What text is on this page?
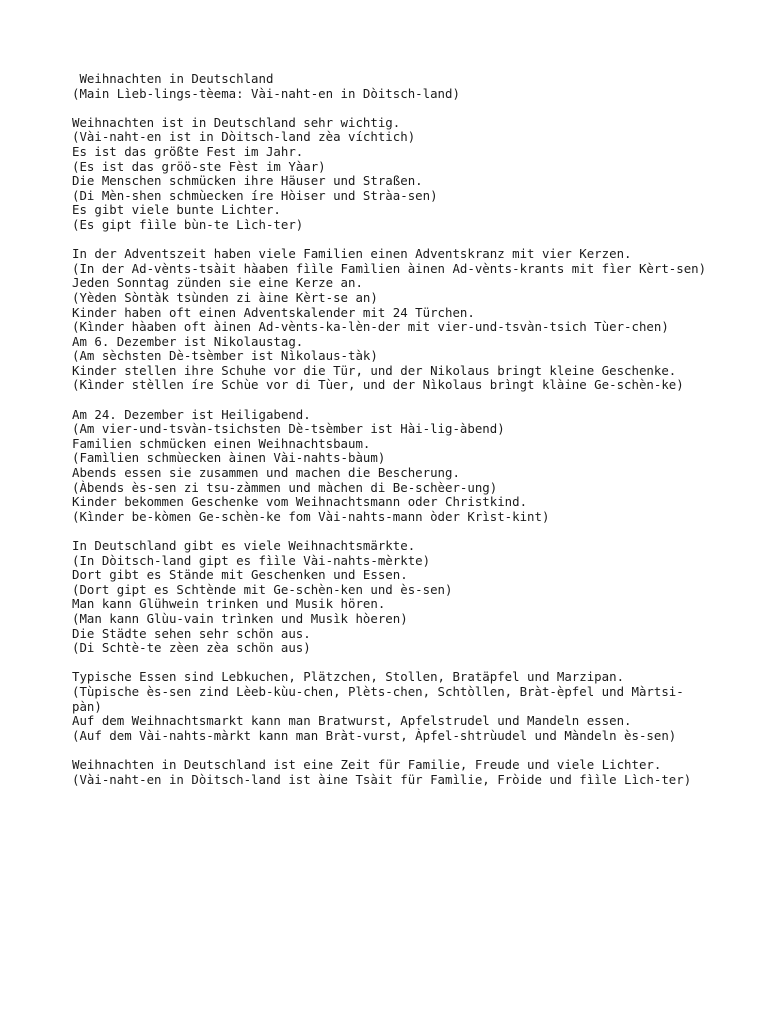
Weihnachten in Deutschland
(Main Lìeb-lings-tèema: Vài-naht-en in Dòitsch-land)
Weihnachten ist in Deutschland sehr wichtig.
(Vài-naht-en ist in Dòitsch-land zèa víchtich)
Es ist das größte Fest im Jahr.
(Es ist das gröö-ste Fèst im Yàar)
Die Menschen schmücken ihre Häuser und Straßen.
(Di Mèn-shen schmùecken íre Hòiser und Stràa-sen)
Es gibt viele bunte Lichter.
(Es gipt fììle bùn-te Lìch-ter)
In der Adventszeit haben viele Familien einen Adventskranz mit vier Kerzen.
(In der Ad-vènts-tsàit hàaben fììle Famìlien àinen Ad-vènts-krants mit fìer Kèrt-sen)
Jeden Sonntag zünden sie eine Kerze an.
(Yèden Sòntàk tsùnden zi àine Kèrt-se an)
Kinder haben oft einen Adventskalender mit 24 Türchen.
(Kìnder hàaben oft àinen Ad-vènts-ka-lèn-der mit vier-und-tsvàn-tsich Tùer-chen)
Am 6. Dezember ist Nikolaustag.
(Am sèchsten Dè-tsèmber ist Nìkolaus-tàk)
Kinder stellen ihre Schuhe vor die Tür, und der Nikolaus bringt kleine Geschenke.
(Kìnder stèllen íre Schùe vor di Tùer, und der Nìkolaus brìngt klàine Ge-schèn-ke)
Am 24. Dezember ist Heiligabend.
(Am vier-und-tsvàn-tsichsten Dè-tsèmber ist Hài-lig-àbend)
Familien schmücken einen Weihnachtsbaum.
(Famìlien schmùecken àinen Vài-nahts-bàum)
Abends essen sie zusammen und machen die Bescherung.
(Àbends ès-sen zi tsu-zàmmen und màchen di Be-schèer-ung)
Kinder bekommen Geschenke vom Weihnachtsmann oder Christkind.
(Kìnder be-kòmen Ge-schèn-ke fom Vài-nahts-mann òder Krìst-kint)
In Deutschland gibt es viele Weihnachtsmärkte.
(In Dòitsch-land gipt es fììle Vài-nahts-mèrkte)
Dort gibt es Stände mit Geschenken und Essen.
(Dort gipt es Schtènde mit Ge-schèn-ken und ès-sen)
Man kann Glühwein trinken und Musik hören.
(Man kann Glùu-vain trìnken und Musìk hòeren)
Die Städte sehen sehr schön aus.
(Di Schtè-te zèen zèa schön aus)
Typische Essen sind Lebkuchen, Plätzchen, Stollen, Bratäpfel und Marzipan.
(Tùpische ès-sen zind Lèeb-kùu-chen, Plèts-chen, Schtòllen, Bràt-èpfel und Màrtsi-pàn)
Auf dem Weihnachtsmarkt kann man Bratwurst, Apfelstrudel und Mandeln essen.
(Auf dem Vài-nahts-màrkt kann man Bràt-vurst, Àpfel-shtrùudel und Màndeln ès-sen)
Weihnachten in Deutschland ist eine Zeit für Familie, Freude und viele Lichter.
(Vài-naht-en in Dòitsch-land ist àine Tsàit für Famìlie, Fròide und fììle Lìch-ter)
